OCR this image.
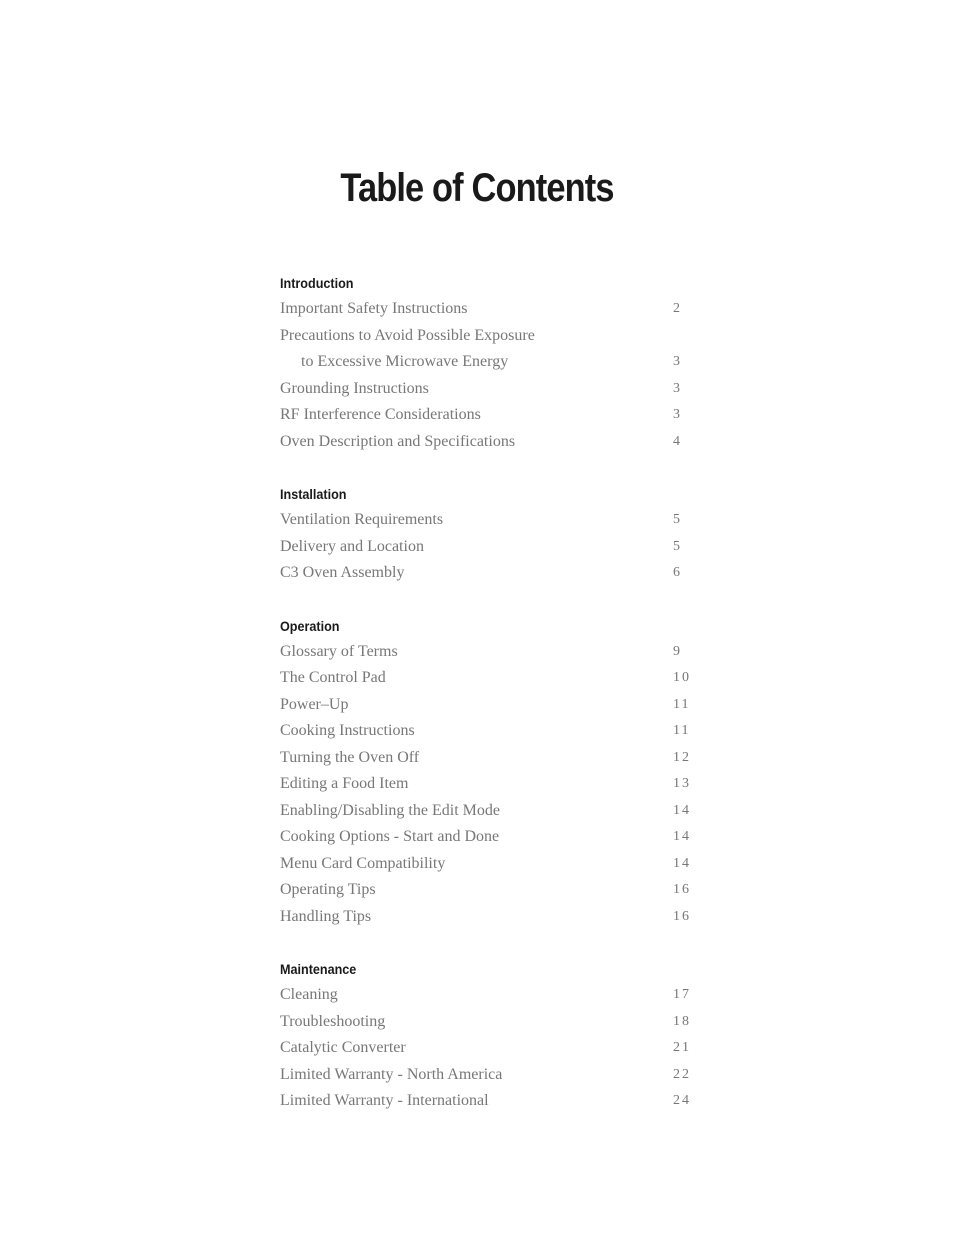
Table of Contents
Introduction
Important Safety Instructions	2
Precautions to Avoid Possible Exposure
to Excessive Microwave Energy	3
Grounding Instructions	3
RF Interference Considerations	3
Oven Description and Specifications	4
Installation
Ventilation Requirements	5
Delivery and Location	5
C3 Oven Assembly	6
Operation
Glossary of Terms	9
The Control Pad	10
Power–Up	11
Cooking Instructions	11
Turning the Oven Off	12
Editing a Food Item	13
Enabling/Disabling the Edit Mode	14
Cooking Options - Start and Done	14
Menu Card Compatibility	14
Operating Tips	16
Handling Tips	16
Maintenance
Cleaning	17
Troubleshooting	18
Catalytic Converter	21
Limited Warranty - North America	22
Limited Warranty - International	24
